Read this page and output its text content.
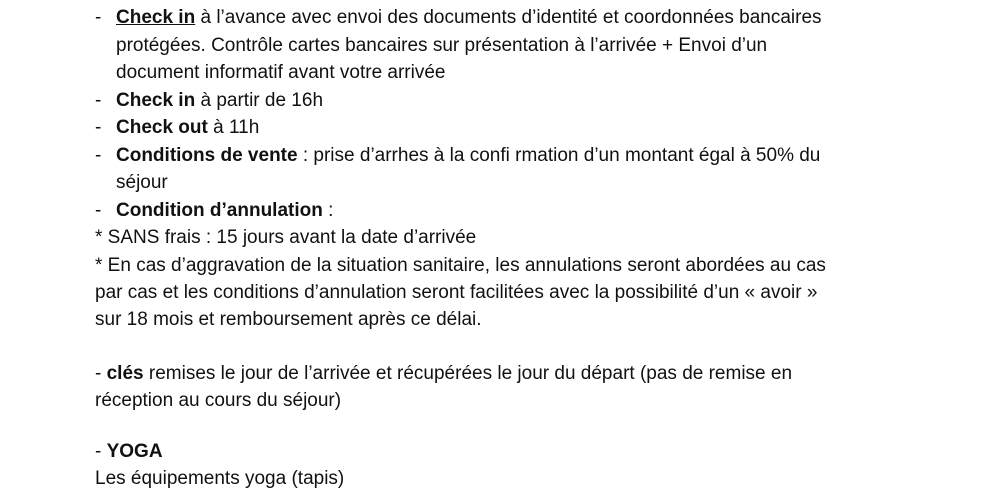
- Check in à l’avance avec envoi des documents d’identité et coordonnées bancaires
protégées. Contrôle cartes bancaires sur présentation à l’arrivée + Envoi d’un
document informatif avant votre arrivée
- Check in à partir de 16h
- Check out à 11h
- Conditions de vente : prise d’arrhes à la confi rmation d’un montant égal à 50% du
séjour
- Condition d’annulation :
* SANS frais : 15 jours avant la date d’arrivée
* En cas d’aggravation de la situation sanitaire, les annulations seront abordées au cas
par cas et les conditions d’annulation seront facilitées avec la possibilité d’un « avoir »
sur 18 mois et remboursement après ce délai.
- clés remises le jour de l’arrivée et récupérées le jour du départ (pas de remise en
réception au cours du séjour)
- YOGA
Les équipements yoga (tapis)
